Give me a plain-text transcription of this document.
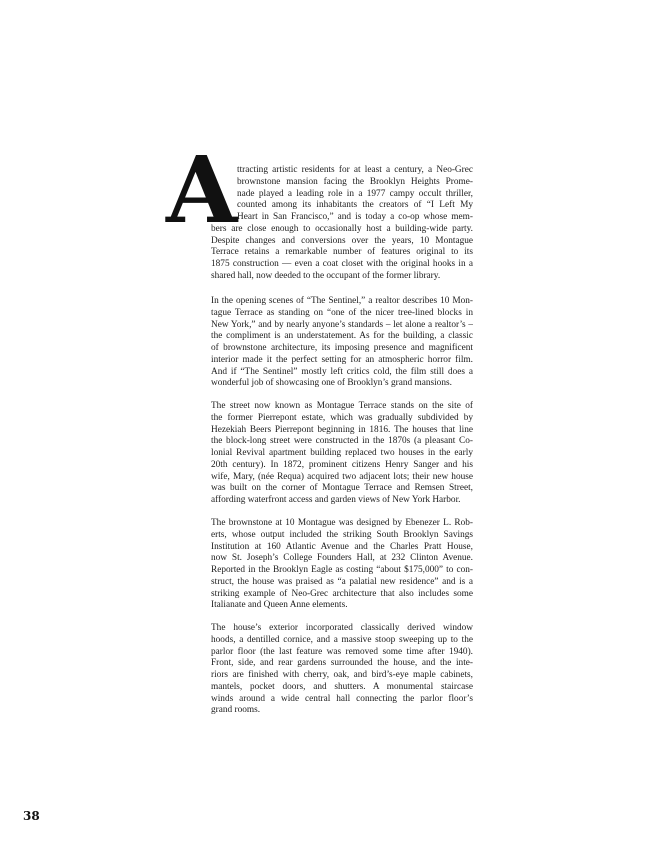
A ttracting artistic residents for at least a century, a Neo-Grec
brownstone mansion facing the Brooklyn Heights Prome-
nade played a leading role in a 1977 campy occult thriller,
counted among its inhabitants the creators of “I Left My
Heart in San Francisco,” and is today a co-op whose mem-
bers are close enough to occasionally host a building-wide party.
Despite changes and conversions over the years, 10 Montague
Terrace retains a remarkable number of features original to its
1875 construction — even a coat closet with the original hooks in a
shared hall, now deeded to the occupant of the former library.
In the opening scenes of “The Sentinel,” a realtor describes 10 Mon-
tague Terrace as standing on “one of the nicer tree-lined blocks in
New York,” and by nearly anyone’s standards – let alone a realtor’s –
the compliment is an understatement. As for the building, a classic
of brownstone architecture, its imposing presence and magnificent
interior made it the perfect setting for an atmospheric horror film.
And if “The Sentinel” mostly left critics cold, the film still does a
wonderful job of showcasing one of Brooklyn’s grand mansions.
The street now known as Montague Terrace stands on the site of
the former Pierrepont estate, which was gradually subdivided by
Hezekiah Beers Pierrepont beginning in 1816. The houses that line
the block-long street were constructed in the 1870s (a pleasant Co-
lonial Revival apartment building replaced two houses in the early
20th century). In 1872, prominent citizens Henry Sanger and his
wife, Mary, (née Requa) acquired two adjacent lots; their new house
was built on the corner of Montague Terrace and Remsen Street,
affording waterfront access and garden views of New York Harbor.
The brownstone at 10 Montague was designed by Ebenezer L. Rob-
erts, whose output included the striking South Brooklyn Savings
Institution at 160 Atlantic Avenue and the Charles Pratt House,
now St. Joseph’s College Founders Hall, at 232 Clinton Avenue.
Reported in the Brooklyn Eagle as costing “about $175,000” to con-
struct, the house was praised as “a palatial new residence” and is a
striking example of Neo-Grec architecture that also includes some
Italianate and Queen Anne elements.
The house’s exterior incorporated classically derived window
hoods, a dentilled cornice, and a massive stoop sweeping up to the
parlor floor (the last feature was removed some time after 1940).
Front, side, and rear gardens surrounded the house, and the inte-
riors are finished with cherry, oak, and bird’s-eye maple cabinets,
mantels, pocket doors, and shutters. A monumental staircase
winds around a wide central hall connecting the parlor floor’s
grand rooms.
38
